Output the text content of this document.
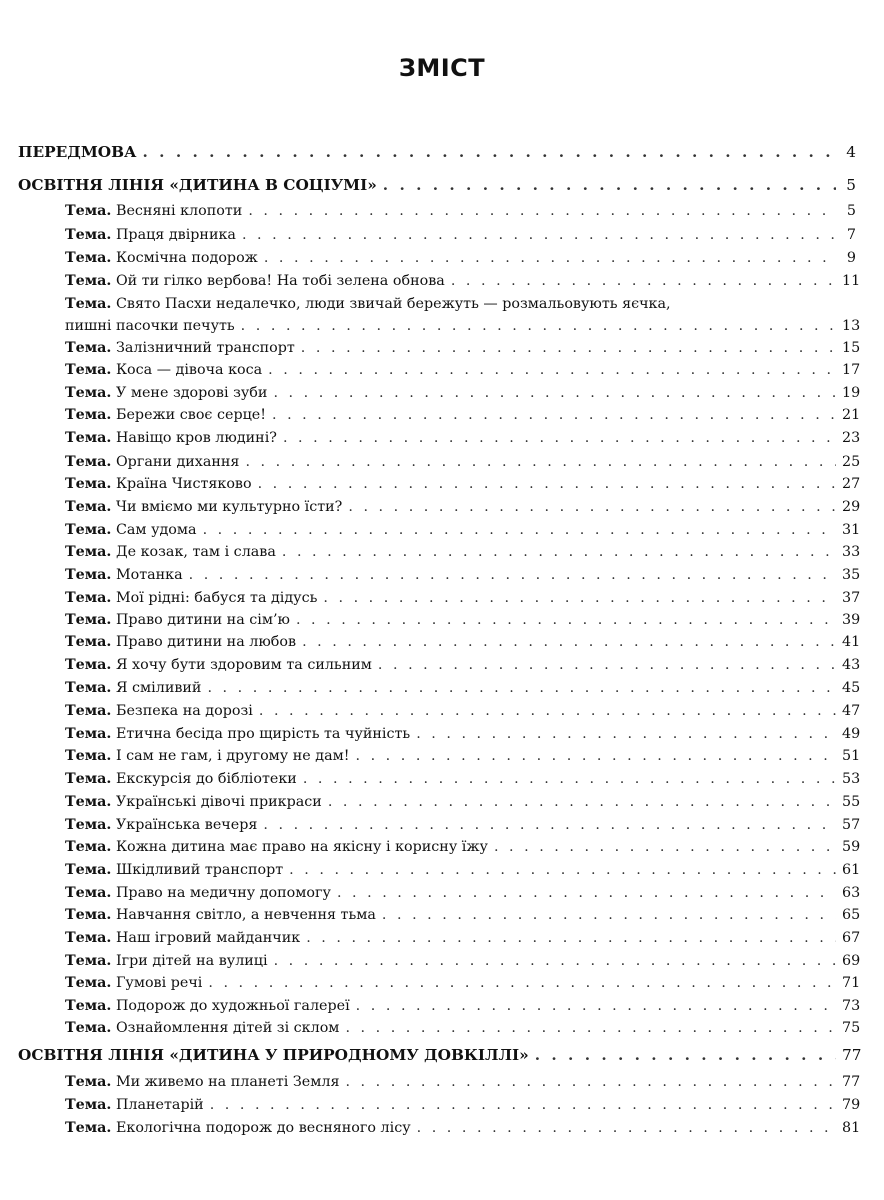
ЗМІСТ
ПЕРЕДМОВА . . .	4
ОСВІТНЯ ЛІНІЯ «ДИТИНА В СОЦІУМІ» . . .	5
Тема. Весняні клопоти . . .	5
Тема. Праця двірника . . .	7
Тема. Космічна подорож . . .	9
Тема. Ой ти гілко вербова! На тобі зелена обнова . . .	11
Тема. Свято Пасхи недалечко, люди звичай бережуть — розмальовують яєчка,
пишні пасочки печуть . . .	13
Тема. Залізничний транспорт . . .	15
Тема. Коса — дівоча коса . . .	17
Тема. У мене здорові зуби . . .	19
Тема. Бережи своє серце! . . .	21
Тема. Навіщо кров людині? . . .	23
Тема. Органи дихання . . .	25
Тема. Країна Чистяково . . .	27
Тема. Чи вміємо ми культурно їсти? . . .	29
Тема. Сам удома . . .	31
Тема. Де козак, там і слава . . .	33
Тема. Мотанка . . .	35
Тема. Мої рідні: бабуся та дідусь . . .	37
Тема. Право дитини на сім’ю . . .	39
Тема. Право дитини на любов . . .	41
Тема. Я хочу бути здоровим та сильним . . .	43
Тема. Я сміливий . . .	45
Тема. Безпека на дорозі . . .	47
Тема. Етична бесіда про щирість та чуйність . . .	49
Тема. І сам не гам, і другому не дам! . . .	51
Тема. Екскурсія до бібліотеки . . .	53
Тема. Українські дівочі прикраси . . .	55
Тема. Українська вечеря . . .	57
Тема. Кожна дитина має право на якісну і корисну їжу . . .	59
Тема. Шкідливий транспорт . . .	61
Тема. Право на медичну допомогу . . .	63
Тема. Навчання світло, а невчення тьма . . .	65
Тема. Наш ігровий майданчик . . .	67
Тема. Ігри дітей на вулиці . . .	69
Тема. Гумові речі . . .	71
Тема. Подорож до художньої галереї . . .	73
Тема. Ознайомлення дітей зі склом . . .	75
ОСВІТНЯ ЛІНІЯ «ДИТИНА У ПРИРОДНОМУ ДОВКІЛЛІ» . . .	77
Тема. Ми живемо на планеті Земля . . .	77
Тема. Планетарій . . .	79
Тема. Екологічна подорож до весняного лісу . . .	81
